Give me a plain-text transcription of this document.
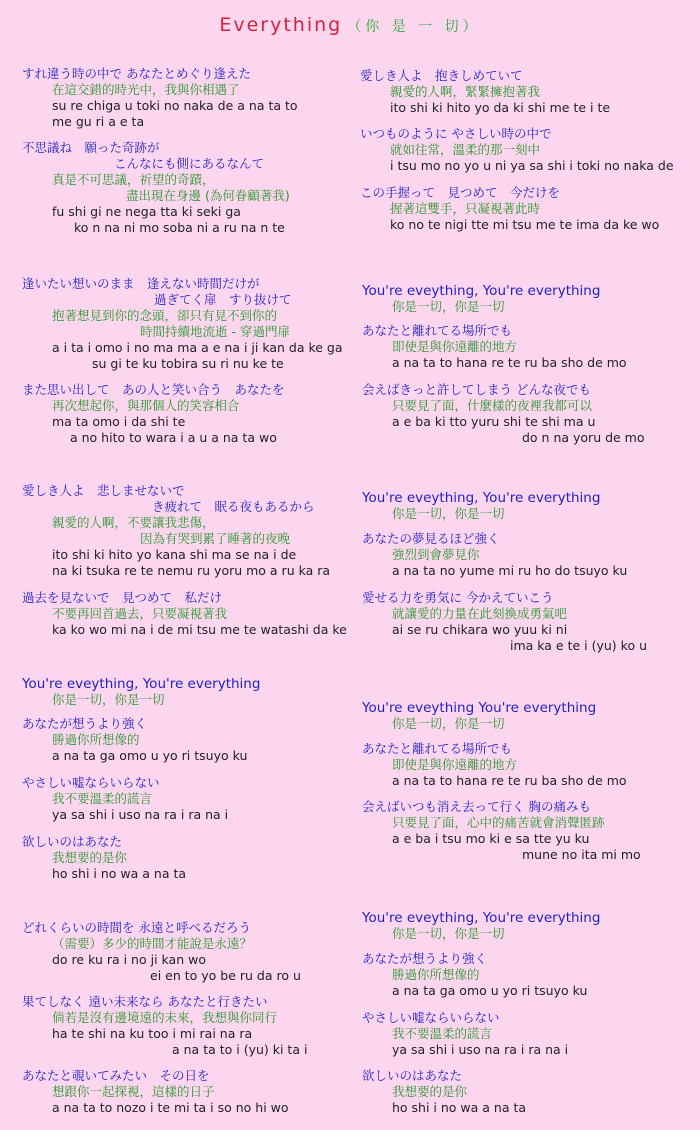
Everything （你 是 一 切）
すれ違う時の中で あなたとめぐり逢えた
在這交錯的時光中，我與你相遇了
su re chiga u toki no naka de a na ta to
me gu ri a e ta
不思議ね　願った奇跡が
こんなにも側にあるなんて
真是不可思議，祈望的奇蹟，
盡出現在身邊 (為何眷顧著我)
fu shi gi ne nega tta ki seki ga
ko n na ni mo soba ni a ru na n te
逢いたい想いのまま　逢えない時間だけが
過ぎてく扉　すり抜けて
抱著想見到你的念頭，卻只有見不到你的
時間持續地流逝 - 穿過門扉
a i ta i omo i no ma ma a e na i ji kan da ke ga
su gi te ku tobira su ri nu ke te
また思い出して　あの人と笑い合う　あなたを
再次想起你，與那個人的笑容相合
ma ta omo i da shi te
a no hito to wara i a u a na ta wo
愛しき人よ　悲しませないで
き疲れて　眠る夜もあるから
親愛的人啊，不要讓我悲傷，
因為有哭到累了睡著的夜晚
ito shi ki hito yo kana shi ma se na i de
na ki tsuka re te nemu ru yoru mo a ru ka ra
過去を見ないで　見つめて　私だけ
不要再回首過去，只要凝視著我
ka ko wo mi na i de mi tsu me te watashi da ke
You're eveything, You're everything
你是一切，你是一切
あなたが想うより強く
勝過你所想像的
a na ta ga omo u yo ri tsuyo ku
やさしい嘘ならいらない
我不要溫柔的謊言
ya sa shi i uso na ra i ra na i
欲しいのはあなた
我想要的是你
ho shi i no wa a na ta
どれくらいの時間を 永遠と呼べるだろう
（需要）多少的時間才能說是永遠？
do re ku ra i no ji kan wo
ei en to yo be ru da ro u
果てしなく 遠い未来なら あなたと行きたい
倘若是沒有邊境遠的未來，我想與你同行
ha te shi na ku too i mi rai na ra
a na ta to i (yu) ki ta i
あなたと覗いてみたい　その日を
想跟你一起探視，這樣的日子
a na ta to nozo i te mi ta i so no hi wo
愛しき人よ　抱きしめていて
親愛的人啊，緊緊擁抱著我
ito shi ki hito yo da ki shi me te i te
いつものように やさしい時の中で
就如往常，溫柔的那一刻中
i tsu mo no yo u ni ya sa shi i toki no naka de
この手握って　見つめて　今だけを
握著這雙手，只凝視著此時
ko no te nigi tte mi tsu me te ima da ke wo
You're eveything, You're everything
你是一切，你是一切
あなたと離れてる場所でも
即使是與你遠離的地方
a na ta to hana re te ru ba sho de mo
会えばきっと許してしまう どんな夜でも
只要見了面，什麼樣的夜裡我都可以
a e ba ki tto yuru shi te shi ma u
do n na yoru de mo
You're eveything, You're everything
你是一切，你是一切
あなたの夢見るほど強く
強烈到會夢見你
a na ta no yume mi ru ho do tsuyo ku
愛せる力を勇気に 今かえていこう
就讓愛的力量在此刻換成勇氣吧
ai se ru chikara wo yuu ki ni
ima ka e te i (yu) ko u
You're eveything You're everything
你是一切，你是一切
あなたと離れてる場所でも
即使是與你遠離的地方
a na ta to hana re te ru ba sho de mo
会えばいつも消え去って行く 胸の痛みも
只要見了面，心中的痛苦就會消聲匿跡
a e ba i tsu mo ki e sa tte yu ku
mune no ita mi mo
You're eveything, You're everything
你是一切，你是一切
あなたが想うより強く
勝過你所想像的
a na ta ga omo u yo ri tsuyo ku
やさしい嘘ならいらない
我不要溫柔的謊言
ya sa shi i uso na ra i ra na i
欲しいのはあなた
我想要的是你
ho shi i no wa a na ta
